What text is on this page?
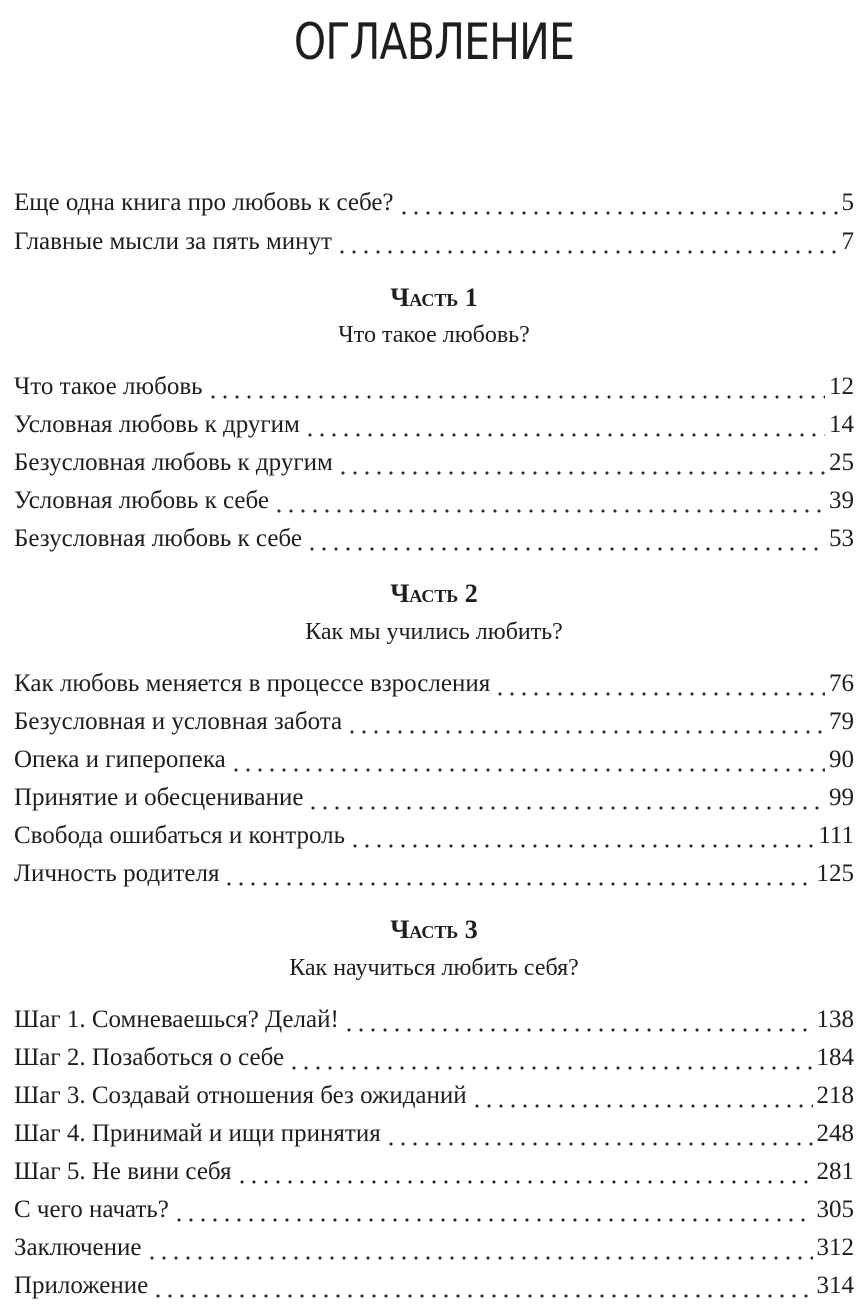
ОГЛАВЛЕНИЕ
Еще одна книга про любовь к себе?	5
Главные мысли за пять минут	7
Часть 1
Что такое любовь?
Что такое любовь	12
Условная любовь к другим	14
Безусловная любовь к другим	25
Условная любовь к себе	39
Безусловная любовь к себе	53
Часть 2
Как мы учились любить?
Как любовь меняется в процессе взросления	76
Безусловная и условная забота	79
Опека и гиперопека	90
Принятие и обесценивание	99
Свобода ошибаться и контроль	111
Личность родителя	125
Часть 3
Как научиться любить себя?
Шаг 1. Сомневаешься? Делай!	138
Шаг 2. Позаботься о себе	184
Шаг 3. Создавай отношения без ожиданий	218
Шаг 4. Принимай и ищи принятия	248
Шаг 5. Не вини себя	281
С чего начать?	305
Заключение	312
Приложение	314
